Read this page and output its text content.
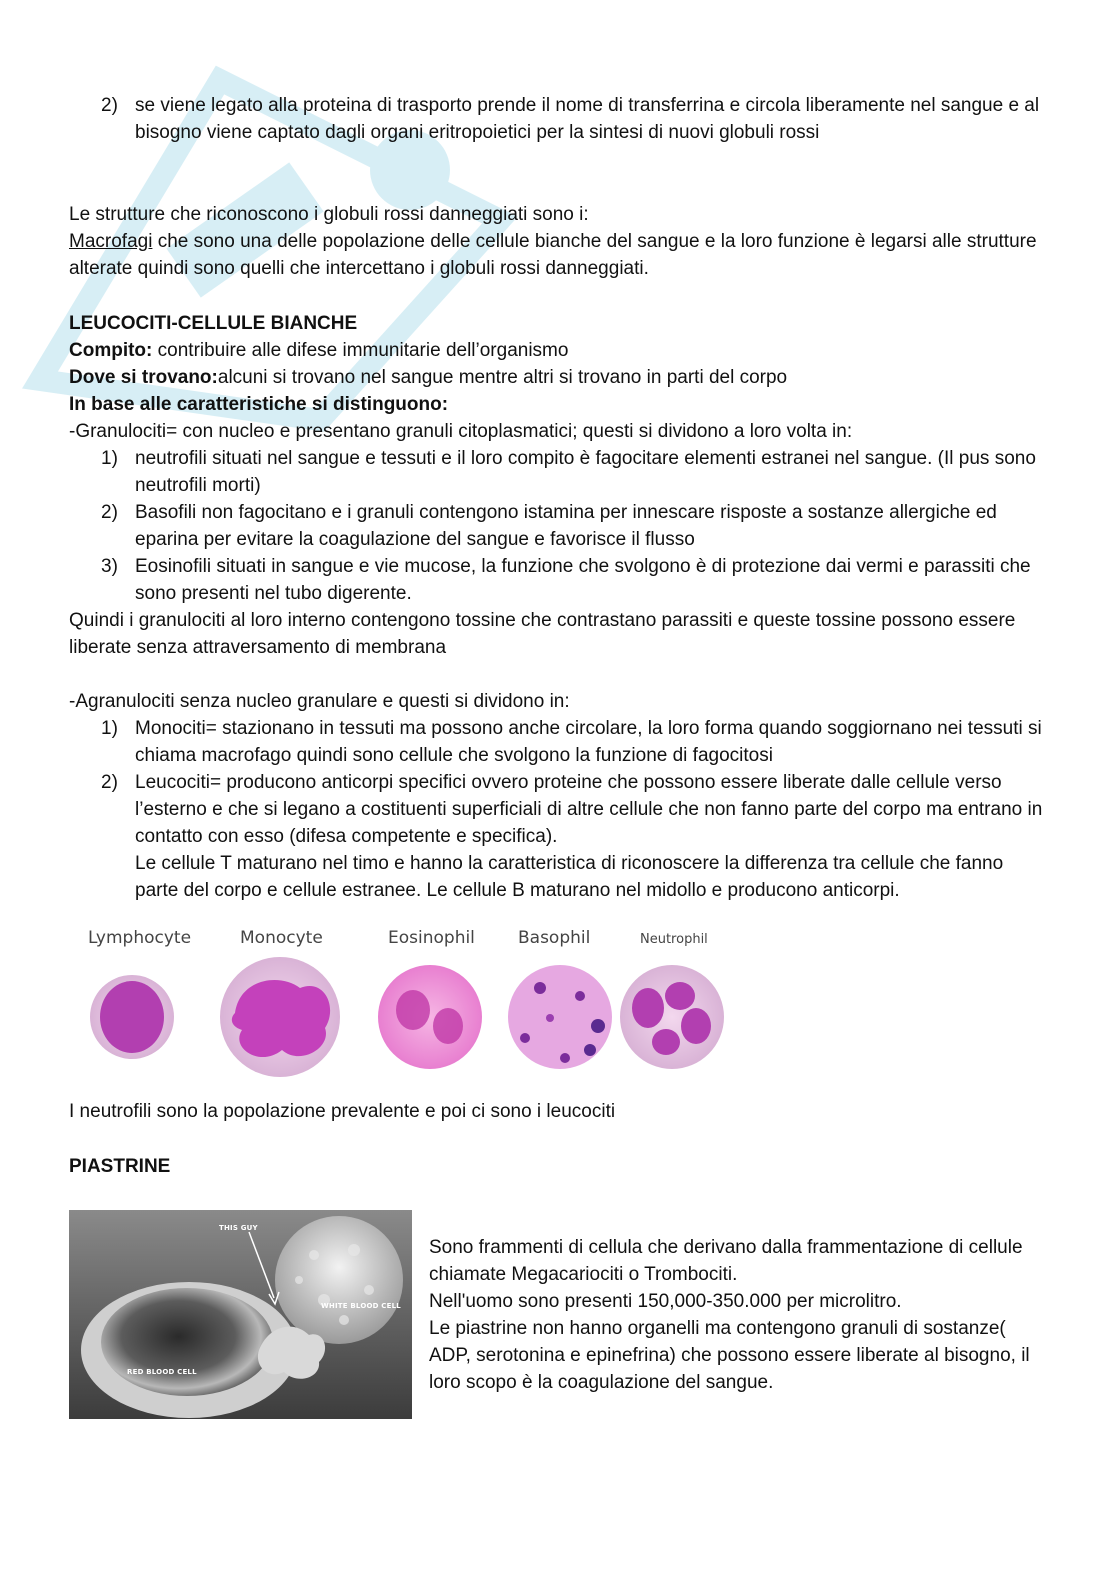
2) se viene legato alla proteina di trasporto prende il nome di transferrina e circola liberamente nel sangue e al bisogno viene captato dagli organi eritropoietici per la sintesi di nuovi globuli rossi

Le strutture che riconoscono i globuli rossi danneggiati sono i:

Macrofagi che sono una delle popolazione delle cellule bianche del sangue e la loro funzione è legarsi alle strutture alterate quindi sono quelli che intercettano i globuli rossi danneggiati.

LEUCOCITI-CELLULE BIANCHE

Compito: contribuire alle difese immunitarie dell’organismo

Dove si trovano:alcuni si trovano nel sangue mentre altri si trovano in parti del corpo

In base alle caratteristiche si distinguono:

-Granulociti= con nucleo e presentano granuli citoplasmatici; questi si dividono a loro volta in:

1) neutrofili situati nel sangue e tessuti e il loro compito è fagocitare elementi estranei nel sangue. (Il pus sono neutrofili morti)

2) Basofili non fagocitano e i granuli contengono istamina per innescare risposte a sostanze allergiche ed eparina per evitare la coagulazione del sangue e favorisce il flusso

3) Eosinofili situati in sangue e vie mucose, la funzione che svolgono è di protezione dai vermi e parassiti che sono presenti nel tubo digerente.

Quindi i granulociti al loro interno contengono tossine che contrastano parassiti e queste tossine possono essere liberate senza attraversamento di membrana

-Agranulociti senza nucleo granulare e questi si dividono in:

1) Monociti= stazionano in tessuti ma possono anche circolare, la loro forma quando soggiornano nei tessuti si chiama macrofago quindi sono cellule che svolgono la funzione di fagocitosi

2) Leucociti= producono anticorpi specifici ovvero proteine che possono essere liberate dalle cellule verso l’esterno e che si legano a costituenti superficiali di altre cellule che non fanno parte del corpo ma entrano in contatto con esso (difesa competente e specifica).

Le cellule T maturano nel timo e hanno la caratteristica di riconoscere la differenza tra cellule che fanno parte del corpo e cellule estranee. Le cellule B maturano nel midollo e producono anticorpi.

Lymphocyte	Monocyte	Eosinophil	Basophil	Neutrophil

I neutrofili sono la popolazione prevalente e poi ci sono i leucociti

PIASTRINE

THIS GUY
WHITE BLOOD CELL
RED BLOOD CELL

Sono frammenti di cellula che derivano dalla frammentazione di cellule chiamate Megacariociti o Trombociti.

Nell'uomo sono presenti 150,000-350.000 per microlitro.

Le piastrine non hanno organelli ma contengono granuli di sostanze( ADP, serotonina e epinefrina) che possono essere liberate al bisogno, il loro scopo è la coagulazione del sangue.
